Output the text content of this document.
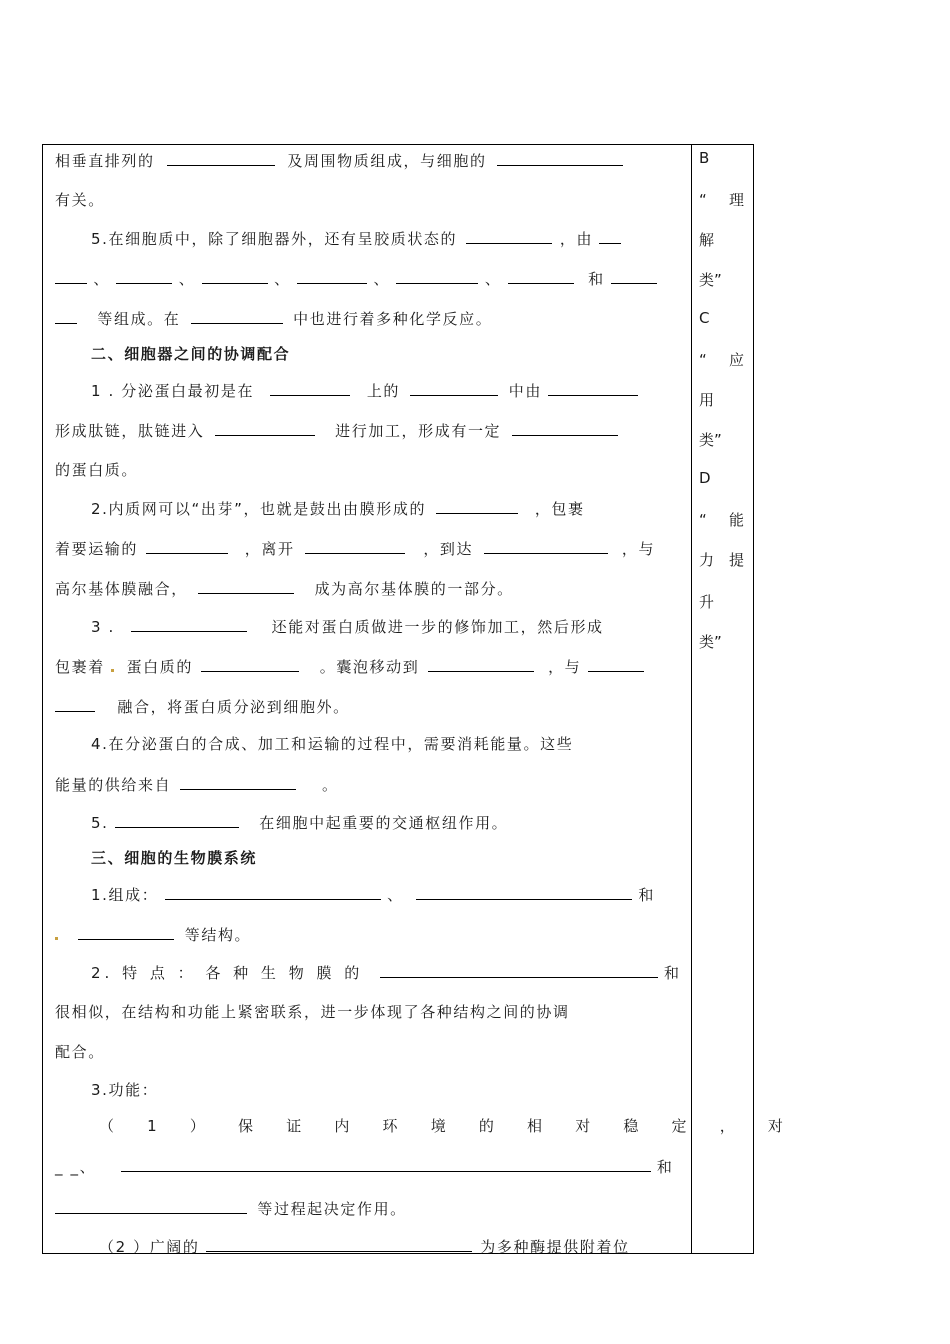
相垂直排列的	及周围物质组成，与细胞的
有关。
5.在细胞质中，除了细胞器外，还有呈胶质状态的	，由
、	、	、	、	、	和
等组成。在	中也进行着多种化学反应。
二、细胞器之间的协调配合
1 . 分泌蛋白最初是在	上的	中由
形成肽链，肽链进入	进行加工，形成有一定
的蛋白质。
2.内质网可以“出芽”，也就是鼓出由膜形成的	，包裹
着要运输的	，离开	，到达	，与
高尔基体膜融合，	成为高尔基体膜的一部分。
3 .	还能对蛋白质做进一步的修饰加工，然后形成
包裹着 蛋白质的	。囊泡移动到	，与
融合，将蛋白质分泌到细胞外。
4.在分泌蛋白的合成、加工和运输的过程中，需要消耗能量。这些
能量的供给来自	。
5.	在细胞中起重要的交通枢纽作用。
三、细胞的生物膜系统
1.组成：	、	和
等结构。
2. 特 点 ： 各 种 生 物 膜 的	和
很相似，在结构和功能上紧密联系，进一步体现了各种结构之间的协调
配合。
3.功能：
（ 1 ） 保 证 内 环 境 的 相 对 稳 定 ， 对
_ _、	和
等过程起决定作用。
（2 ）广阔的	为多种酶提供附着位
B
“ 理
解
类”
C
“ 应
用
类”
D
“ 能
力 提
升
类”
